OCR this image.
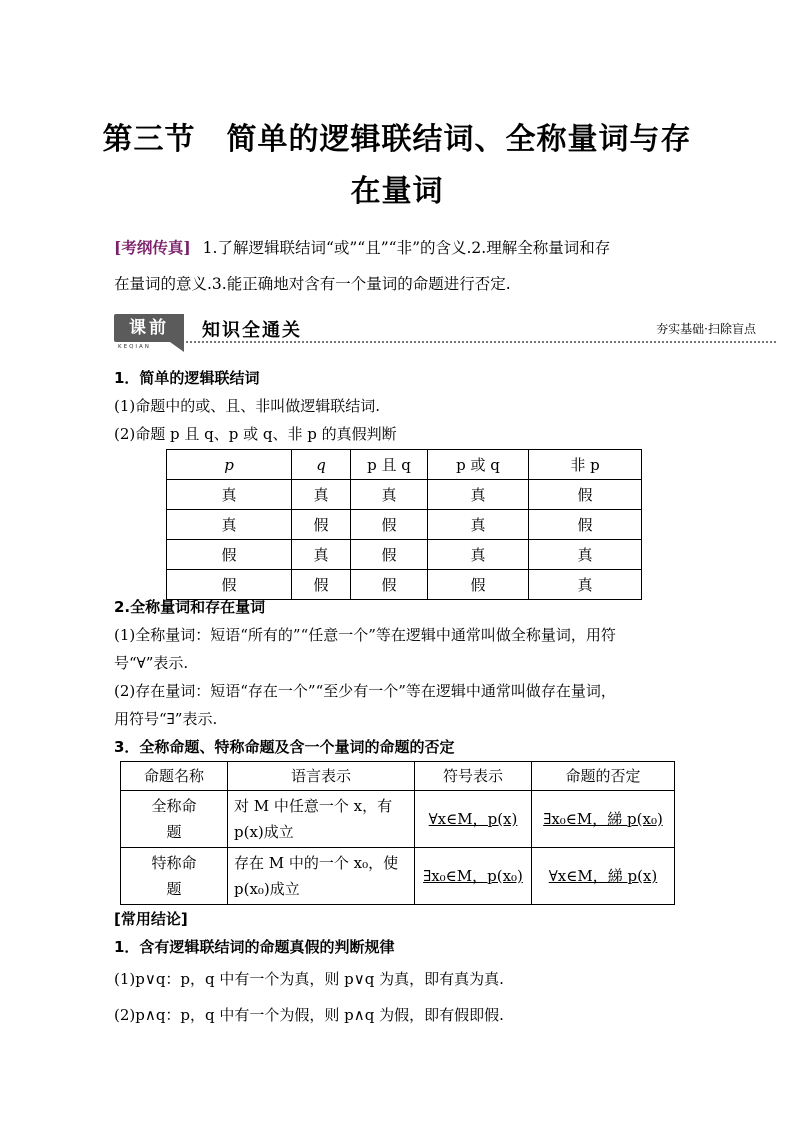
第三节　简单的逻辑联结词、全称量词与存
在量词
[考纲传真] 1.了解逻辑联结词“或”“且”“非”的含义.2.理解全称量词和存
在量词的意义.3.能正确地对含有一个量词的命题进行否定.
课前
KEQIAN
知识全通关	夯实基础·扫除盲点
1．简单的逻辑联结词
(1)命题中的或、且、非叫做逻辑联结词.
(2)命题 p 且 q、p 或 q、非 p 的真假判断
p	q	p 且 q	p 或 q	非 p
真	真	真	真	假
真	假	假	真	假
假	真	假	真	真
假	假	假	假	真
2.全称量词和存在量词
(1)全称量词：短语“所有的”“任意一个”等在逻辑中通常叫做全称量词，用符
号“∀”表示.
(2)存在量词：短语“存在一个”“至少有一个”等在逻辑中通常叫做存在量词，
用符号“∃”表示.
3．全称命题、特称命题及含一个量词的命题的否定
命题名称	语言表示	符号表示	命题的否定
全称命题	对 M 中任意一个 x，有 p(x)成立	∀x∈M，p(x)	∃x₀∈M，綈 p(x₀)
特称命题	存在 M 中的一个 x₀，使 p(x₀)成立	∃x₀∈M，p(x₀)	∀x∈M，綈 p(x)
[常用结论]
1．含有逻辑联结词的命题真假的判断规律
(1)p∨q：p，q 中有一个为真，则 p∨q 为真，即有真为真.
(2)p∧q：p，q 中有一个为假，则 p∧q 为假，即有假即假.
